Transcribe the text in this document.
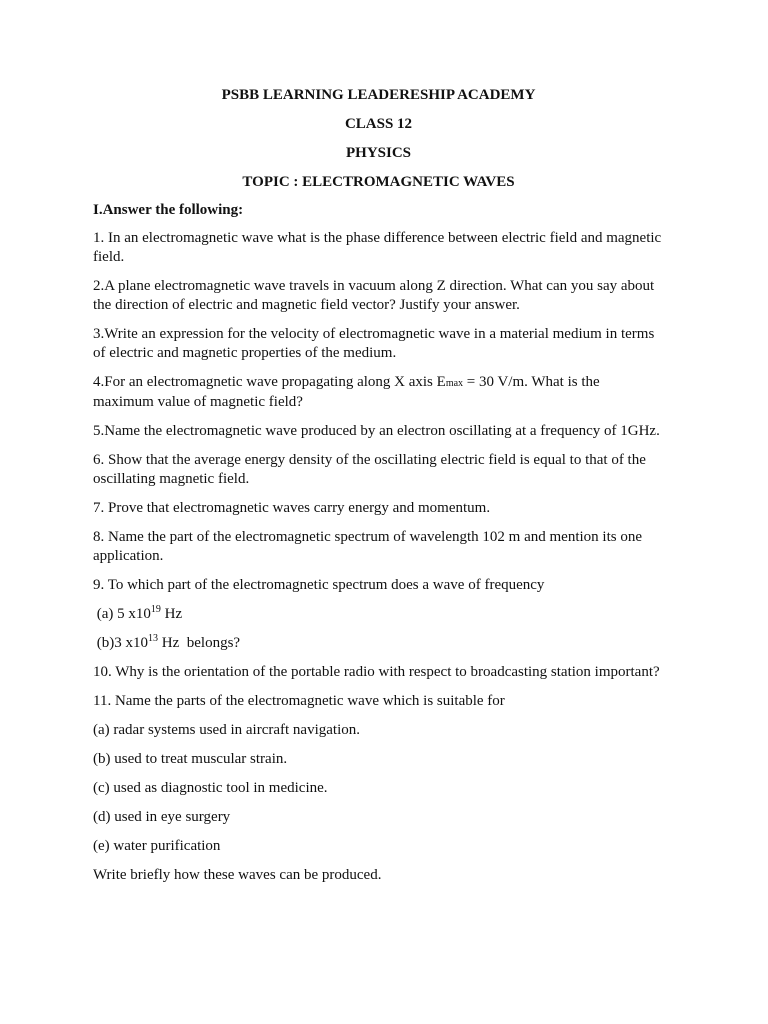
PSBB LEARNING LEADERESHIP ACADEMY

CLASS 12

PHYSICS

TOPIC : ELECTROMAGNETIC WAVES

I.Answer the following:

1. In an electromagnetic wave what is the phase difference between electric field and magnetic field.

2.A plane electromagnetic wave travels in vacuum along Z direction. What can you say about the direction of electric and magnetic field vector? Justify your answer.

3.Write an expression for the velocity of electromagnetic wave in a material medium in terms of electric and magnetic properties of the medium.

4.For an electromagnetic wave propagating along X axis Emax = 30 V/m. What is the maximum value of magnetic field?

5.Name the electromagnetic wave produced by an electron oscillating at a frequency of 1GHz.

6. Show that the average energy density of the oscillating electric field is equal to that of the oscillating magnetic field.

7. Prove that electromagnetic waves carry energy and momentum.

8. Name the part of the electromagnetic spectrum of wavelength 102 m and mention its one application.

9. To which part of the electromagnetic spectrum does a wave of frequency

(a) 5 $x10^{19}$ Hz

(b)3 $x10^{13}$ Hz  belongs?

10. Why is the orientation of the portable radio with respect to broadcasting station important?

11. Name the parts of the electromagnetic wave which is suitable for

(a) radar systems used in aircraft navigation.

(b) used to treat muscular strain.

(c) used as diagnostic tool in medicine.

(d) used in eye surgery

(e) water purification

Write briefly how these waves can be produced.
